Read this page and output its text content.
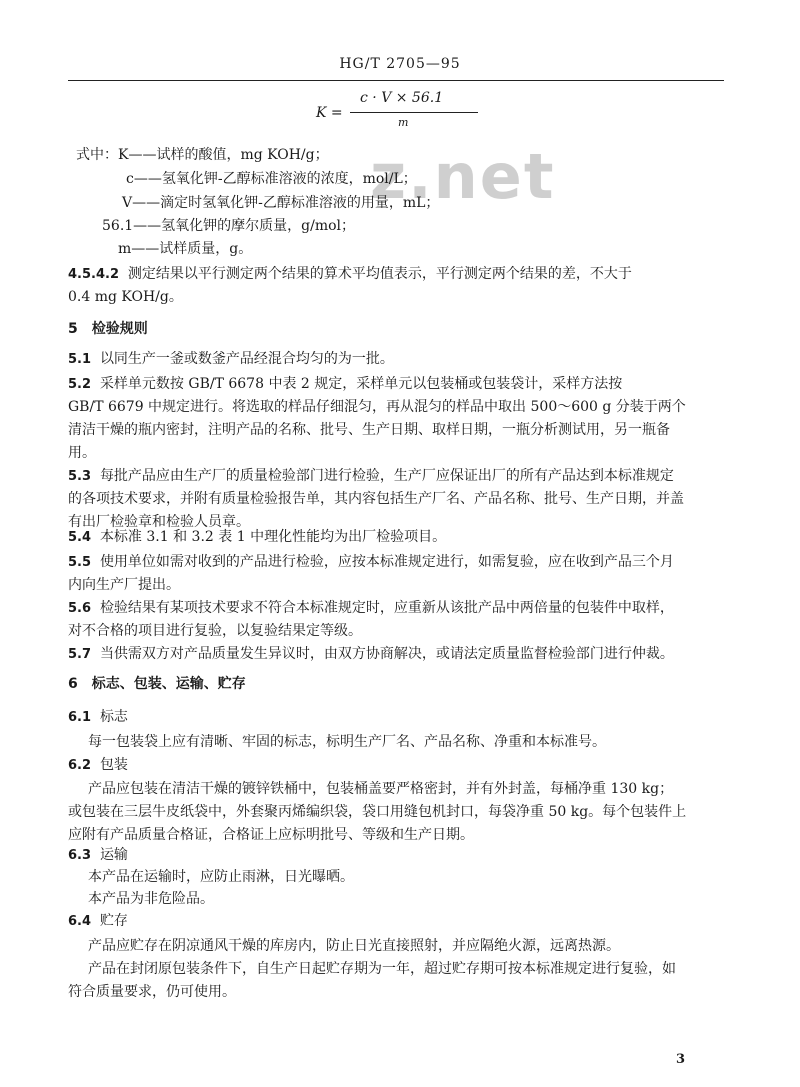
HG/T 2705—95
z.net
K =
c · V × 56.1
m
式中：K——试样的酸值，mg KOH/g；
c——氢氧化钾-乙醇标准溶液的浓度，mol/L；
V——滴定时氢氧化钾-乙醇标准溶液的用量，mL；
56.1——氢氧化钾的摩尔质量，g/mol；
m——试样质量，g。
4.5.4.2 测定结果以平行测定两个结果的算术平均值表示，平行测定两个结果的差，不大于
0.4 mg KOH/g。
5　检验规则
5.1 以同生产一釜或数釜产品经混合均匀的为一批。
5.2 采样单元数按 GB/T 6678 中表 2 规定，采样单元以包装桶或包装袋计，采样方法按
GB/T 6679 中规定进行。将选取的样品仔细混匀，再从混匀的样品中取出 500～600 g 分装于两个
清洁干燥的瓶内密封，注明产品的名称、批号、生产日期、取样日期，一瓶分析测试用，另一瓶备
用。
5.3 每批产品应由生产厂的质量检验部门进行检验，生产厂应保证出厂的所有产品达到本标准规定
的各项技术要求，并附有质量检验报告单，其内容包括生产厂名、产品名称、批号、生产日期，并盖
有出厂检验章和检验人员章。
5.4 本标准 3.1 和 3.2 表 1 中理化性能均为出厂检验项目。
5.5 使用单位如需对收到的产品进行检验，应按本标准规定进行，如需复验，应在收到产品三个月
内向生产厂提出。
5.6 检验结果有某项技术要求不符合本标准规定时，应重新从该批产品中两倍量的包装件中取样，
对不合格的项目进行复验，以复验结果定等级。
5.7 当供需双方对产品质量发生异议时，由双方协商解决，或请法定质量监督检验部门进行仲裁。
6　标志、包装、运输、贮存
6.1 标志
每一包装袋上应有清晰、牢固的标志，标明生产厂名、产品名称、净重和本标准号。
6.2 包装
产品应包装在清洁干燥的镀锌铁桶中，包装桶盖要严格密封，并有外封盖，每桶净重 130 kg；
或包装在三层牛皮纸袋中，外套聚丙烯编织袋，袋口用缝包机封口，每袋净重 50 kg。每个包装件上
应附有产品质量合格证，合格证上应标明批号、等级和生产日期。
6.3 运输
本产品在运输时，应防止雨淋，日光曝晒。
本产品为非危险品。
6.4 贮存
产品应贮存在阴凉通风干燥的库房内，防止日光直接照射，并应隔绝火源，远离热源。
产品在封闭原包装条件下，自生产日起贮存期为一年，超过贮存期可按本标准规定进行复验，如
符合质量要求，仍可使用。
3
